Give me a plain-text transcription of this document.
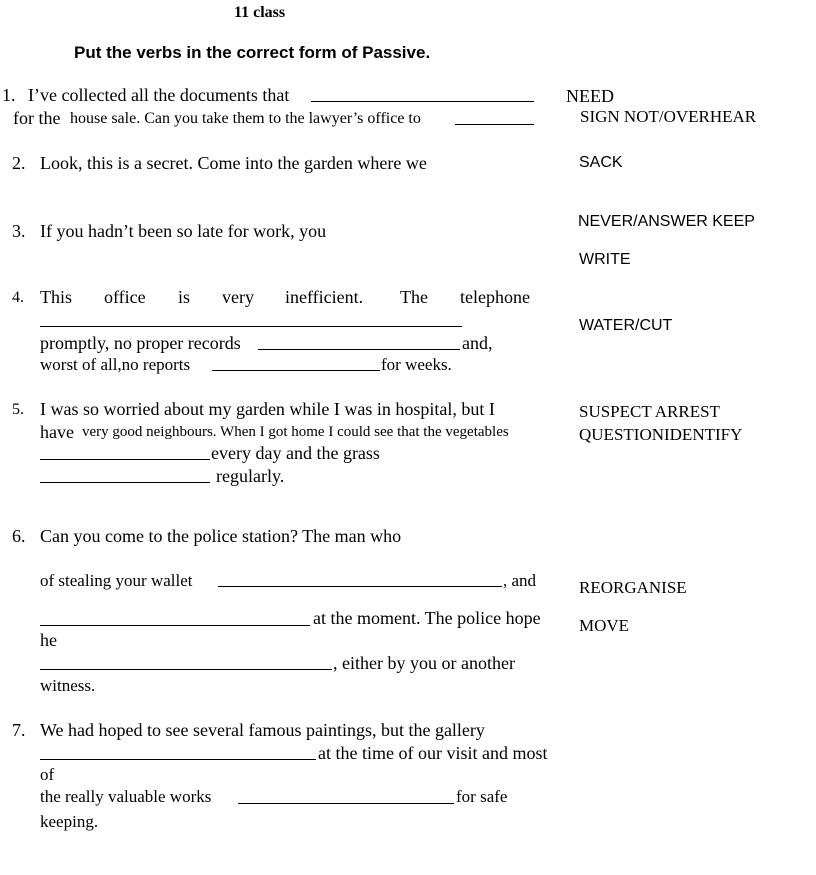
11 class
Put the verbs in the correct form of Passive.
1. I’ve collected all the documents that
for the house sale. Can you take them to the lawyer’s office to
2. Look, this is a secret. Come into the garden where we
3. If you hadn’t been so late for work, you
4. This office is very inefficient. The telephone
promptly, no proper records	and,
worst of all,no reports	for weeks.
5. I was so worried about my garden while I was in hospital, but I
have very good neighbours. When I got home I could see that the vegetables
every day and the grass
regularly.
6. Can you come to the police station? The man who
of stealing your wallet	, and
at the moment. The police hope
he
, either by you or another
witness.
7. We had hoped to see several famous paintings, but the gallery
at the time of our visit and most
of
the really valuable works	for safe
keeping.
NEED
SIGN NOT/OVERHEAR
SACK
NEVER/ANSWER KEEP
WRITE
WATER/CUT
SUSPECT ARREST
QUESTIONIDENTIFY
REORGANISE
MOVE
